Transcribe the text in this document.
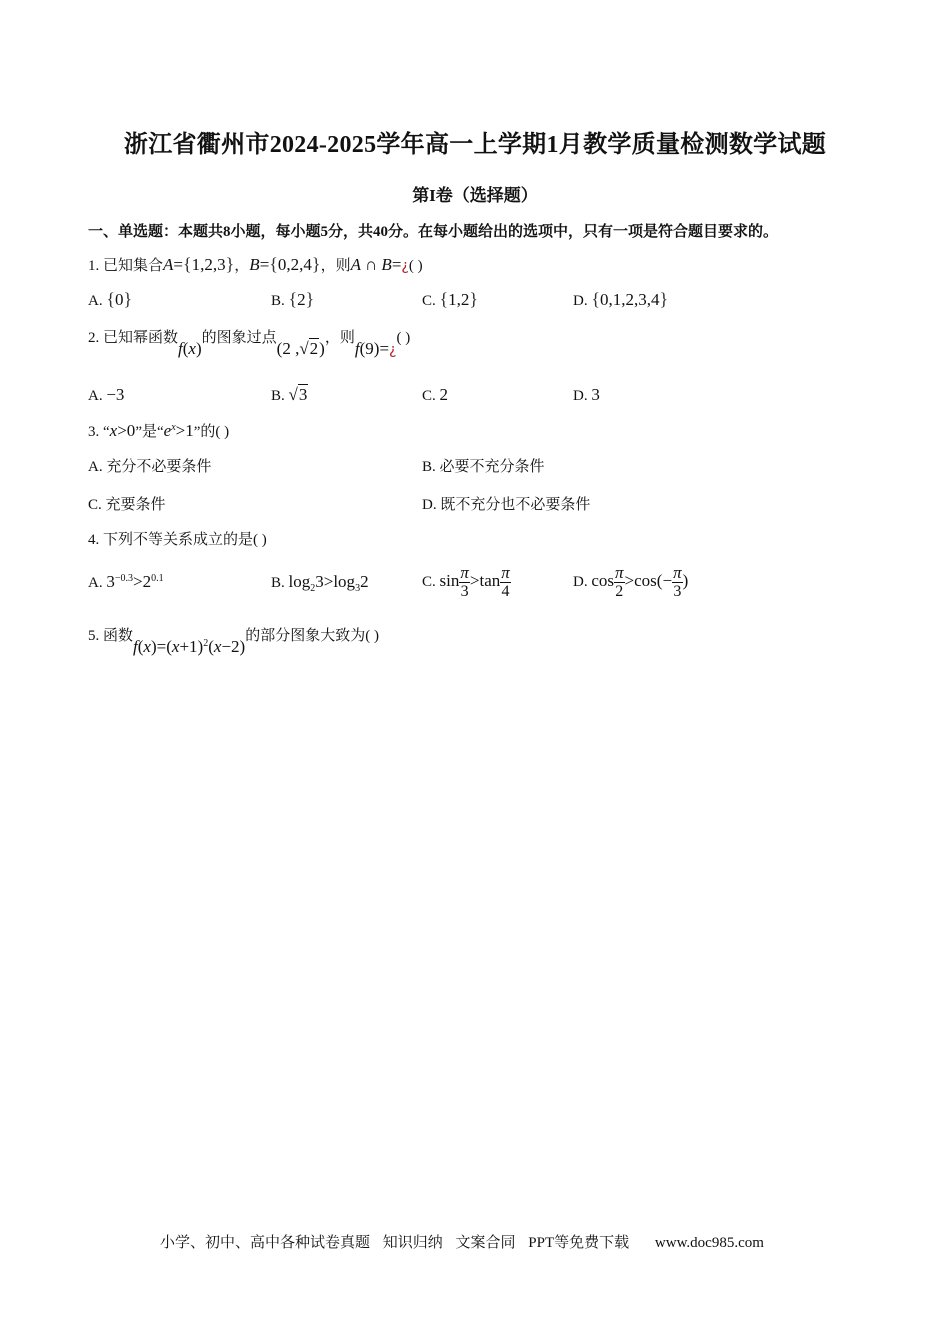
浙江省衢州市2024-2025学年高一上学期1月教学质量检测数学试题
第I卷（选择题）
一、单选题：本题共8小题，每小题5分，共40分。在每小题给出的选项中，只有一项是符合题目要求的。
1. 已知集合A={1,2,3}，B={0,2,4}，则A ∩ B=¿( )
A. {0}	B. {2}	C. {1,2}	D. {0,1,2,3,4}
2. 已知幂函数f(x)的图象过点(2 ,√2)，则f(9)=¿( )
A. −3	B. √3	C. 2	D. 3
3. “x>0”是“$e^x>1$”的( )
A. 充分不必要条件	B. 必要不充分条件
C. 充要条件	D. 既不充分也不必要条件
4. 下列不等关系成立的是( )
A. $3^{-0.3}>2^{0.1}$	B. $\log_23>\log_32$	C. $\sin \frac{\pi}{3} >\tan \frac{\pi}{4}$	D. $\cos \frac{\pi}{2} >\cos(- \frac{\pi}{3}$ )
5. 函数$f(x)=(x+1)^2(x-2)$的部分图象大致为( )
小学、初中、高中各种试卷真题 知识归纳 文案合同 PPT等免费下载 www.doc985.com
